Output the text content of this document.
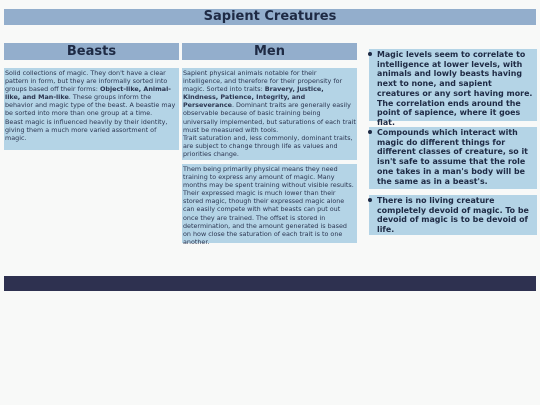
Sapient Creatures
Beasts	Men

Solid collections of magic. They don't have a clear pattern in form, but they are informally sorted into groups based off their forms: Object-like, Animal-like, and Man-like. These groups inform the behavior and magic type of the beast. A beastie may be sorted into more than one group at a time.

Beast magic is influenced heavily by their identity, giving them a much more varied assortment of magic.

Sapient physical animals notable for their intelligence, and therefore for their propensity for magic. Sorted into traits: Bravery, Justice, Kindness, Patience, Integrity, and Perseverance. Dominant traits are generally easily observable because of basic training being universally implemented, but saturations of each trait must be measured with tools.

Trait saturation and, less commonly, dominant traits, are subject to change through life as values and priorities change.

Them being primarily physical means they need training to express any amount of magic. Many months may be spent training without visible results. Their expressed magic is much lower than their stored magic, though their expressed magic alone can easily compete with what beasts can put out once they are trained. The offset is stored in determination, and the amount generated is based on how close the saturation of each trait is to one another.

Magic levels seem to correlate to intelligence at lower levels, with animals and lowly beasts having next to none, and sapient creatures or any sort having more. The correlation ends around the point of sapience, where it goes flat.
Compounds which interact with magic do different things for different classes of creature, so it isn't safe to assume that the role one takes in a man's body will be the same as in a beast's.
There is no living creature completely devoid of magic. To be devoid of magic is to be devoid of life.
